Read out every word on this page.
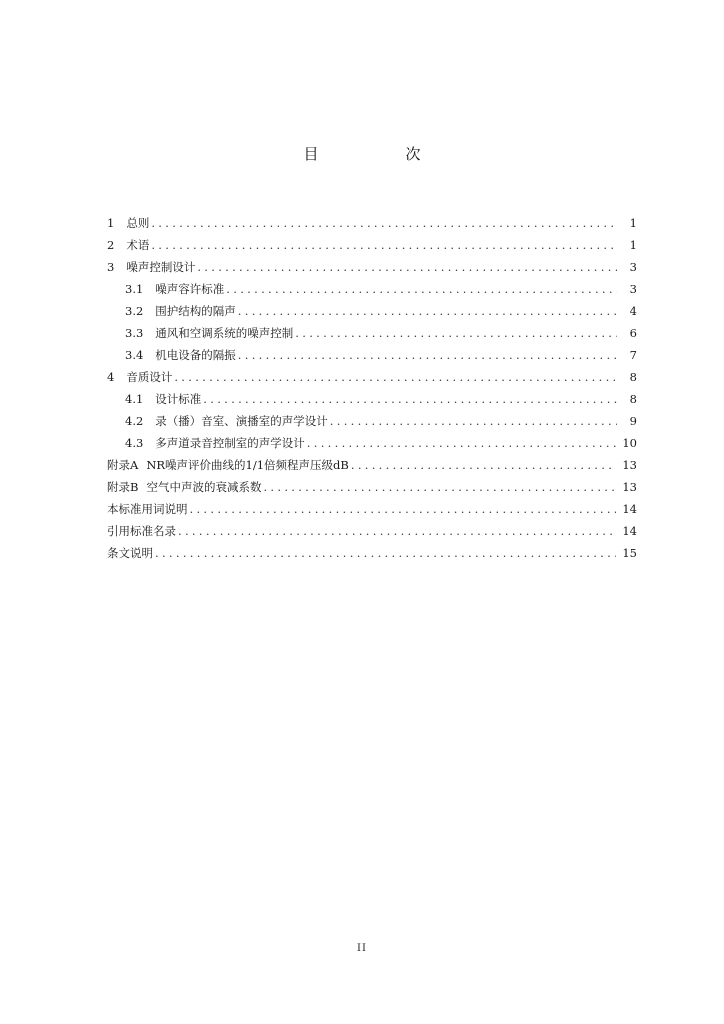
目　次
1 总则 .....	1
2 术语 .....	1
3 噪声控制设计 .....	3
3.1 噪声容许标准 .....	3
3.2 围护结构的隔声 .....	4
3.3 通风和空调系统的噪声控制 .....	6
3.4 机电设备的隔振 .....	7
4 音质设计 .....	8
4.1 设计标准 .....	8
4.2 录（播）音室、演播室的声学设计 .....	9
4.3 多声道录音控制室的声学设计 .....	10
附录A NR噪声评价曲线的1/1倍频程声压级dB .....	13
附录B 空气中声波的衰减系数 .....	13
本标准用词说明 .....	14
引用标准名录 .....	14
条文说明 .....	15
II
